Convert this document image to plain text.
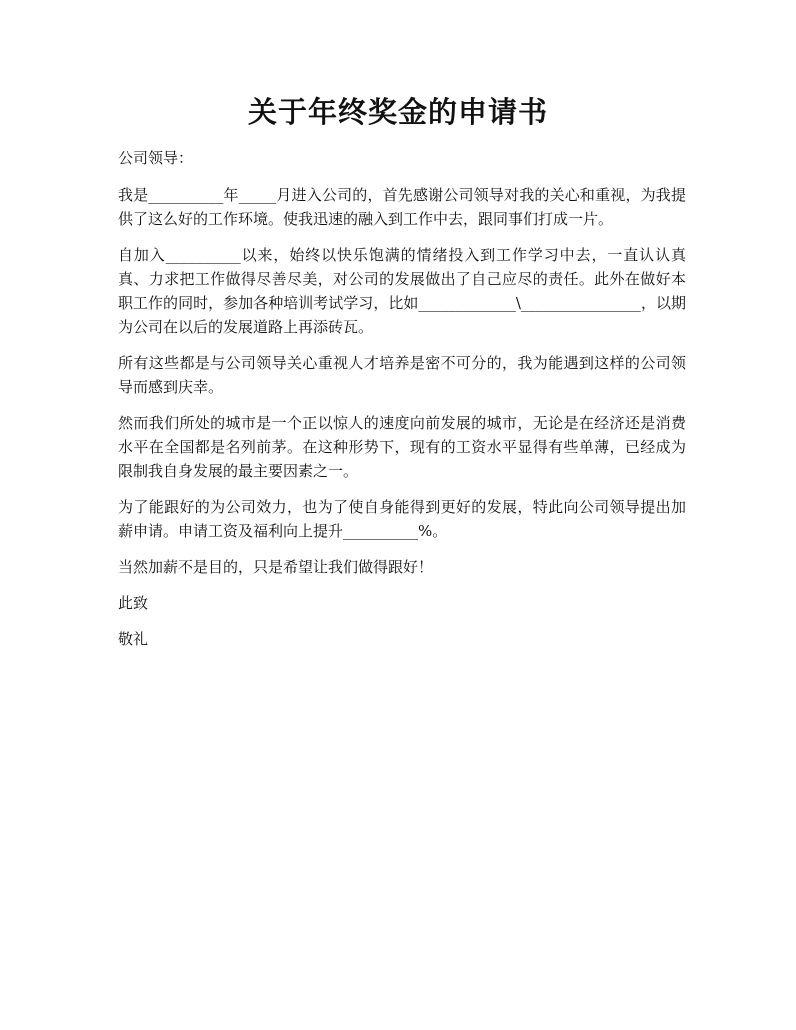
关于年终奖金的申请书

公司领导：

我是__________年_____月进入公司的，首先感谢公司领导对我的关心和重视，为我提供了这么好的工作环境。使我迅速的融入到工作中去，跟同事们打成一片。

自加入__________以来，始终以快乐饱满的情绪投入到工作学习中去，一直认认真真、力求把工作做得尽善尽美，对公司的发展做出了自己应尽的责任。此外在做好本职工作的同时，参加各种培训考试学习，比如_____________\________________，以期为公司在以后的发展道路上再添砖瓦。

所有这些都是与公司领导关心重视人才培养是密不可分的，我为能遇到这样的公司领导而感到庆幸。

然而我们所处的城市是一个正以惊人的速度向前发展的城市，无论是在经济还是消费水平在全国都是名列前茅。在这种形势下，现有的工资水平显得有些单薄，已经成为限制我自身发展的最主要因素之一。

为了能跟好的为公司效力，也为了使自身能得到更好的发展，特此向公司领导提出加薪申请。申请工资及福利向上提升__________%。

当然加薪不是目的，只是希望让我们做得跟好！

此致

敬礼
